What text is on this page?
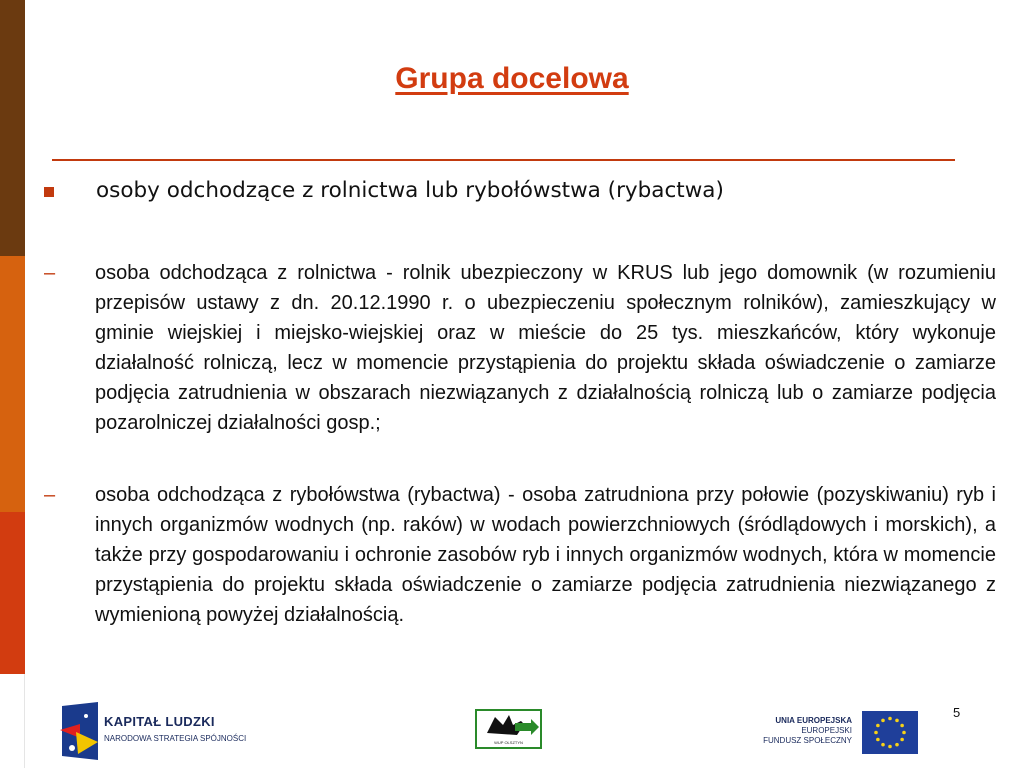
Grupa docelowa
osoby odchodzące z rolnictwa lub rybołówstwa (rybactwa)
– osoba odchodząca z rolnictwa - rolnik ubezpieczony w KRUS lub jego domownik (w rozumieniu przepisów ustawy z dn. 20.12.1990 r. o ubezpieczeniu społecznym rolników), zamieszkujący w gminie wiejskiej i miejsko-wiejskiej oraz w mieście do 25 tys. mieszkańców, który wykonuje działalność rolniczą, lecz w momencie przystąpienia do projektu składa oświadczenie o zamiarze podjęcia zatrudnienia w obszarach niezwiązanych z działalnością rolniczą lub o zamiarze podjęcia pozarolniczej działalności gosp.;

– osoba odchodząca z rybołówstwa (rybactwa) - osoba zatrudniona przy połowie (pozyskiwaniu) ryb i innych organizmów wodnych (np. raków) w wodach powierzchniowych (śródlądowych i morskich), a także przy gospodarowaniu i ochronie zasobów ryb i innych organizmów wodnych, która w momencie przystąpienia do projektu składa oświadczenie o zamiarze podjęcia zatrudnienia niezwiązanego z wymienioną powyżej działalnością.

KAPITAŁ LUDZKI
NARODOWA STRATEGIA SPÓJNOŚCI	WUP OLSZTYN
UNIA EUROPEJSKA
EUROPEJSKI
FUNDUSZ SPOŁECZNY
5
